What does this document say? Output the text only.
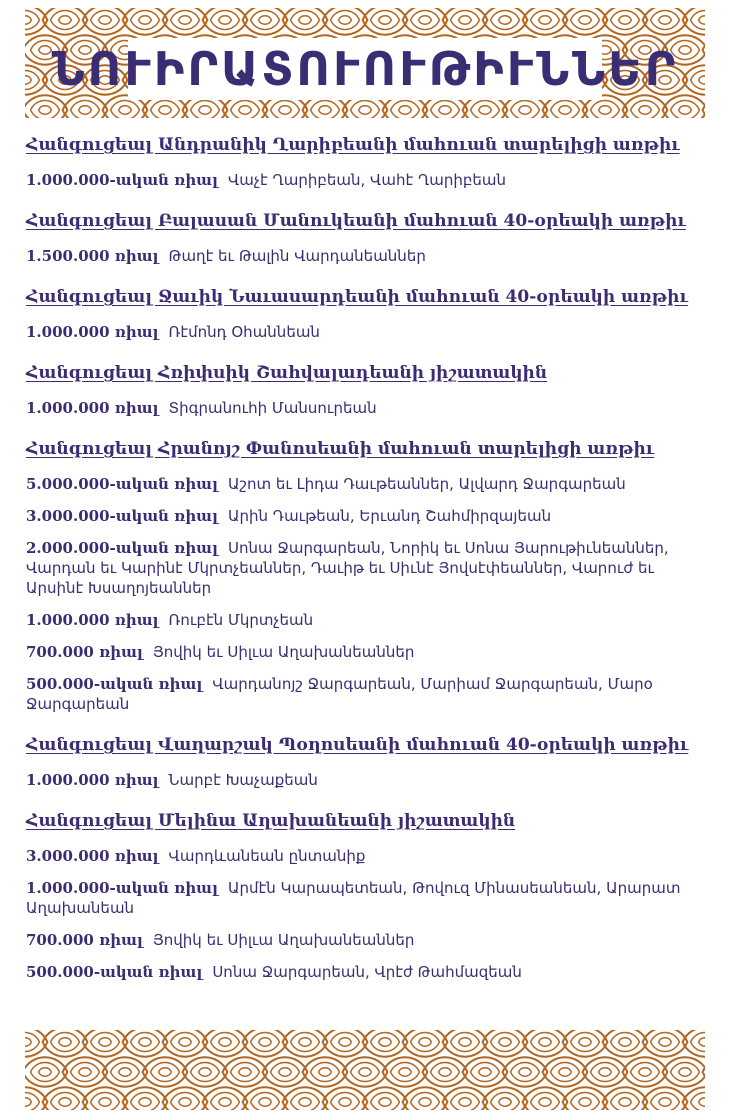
ՆՈՒԻՐԱՏՈՒՈՒԹԻՒՆՆԵՐ
Հանգուցեալ Անդրանիկ Ղարիբեանի մահուան տարելիցի առթիւ
1.000.000-ական ռիալ Վաչէ Ղարիբեան, Վահէ Ղարիբեան
Հանգուցեալ Բալասան Մանուկեանի մահուան 40-օրեակի առթիւ
1.500.000 ռիալ Թաղէ եւ Թալին Վարդանեաններ
Հանգուցեալ Ջաւիկ Նաւասարդեանի մահուան 40-օրեակի առթիւ
1.000.000 ռիալ Ռէմոնդ Օհաննեան
Հանգուցեալ Հռիփսիկ Շահվալադեանի յիշատակին
1.000.000 ռիալ Տիգրանուհի Մանսուրեան
Հանգուցեալ Հրանոյշ Փանոսեանի մահուան տարելիցի առթիւ
5.000.000-ական ռիալ Աշոտ եւ Լիդա Դաւթեաններ, Ալվարդ Ջարգարեան
3.000.000-ական ռիալ Արին Դաւթեան, Երւանդ Շահմիրզայեան
2.000.000-ական ռիալ Սոնա Ջարգարեան, Նորիկ եւ Սոնա Յարութիւնեաններ, Վարդան եւ Կարինէ Մկրտչեաններ, Դաւիթ եւ Սիւնէ Յովսէփեաններ, Վարուժ եւ Արսինէ Խսաղոյեաններ
1.000.000 ռիալ Ռուբէն Մկրտչեան
700.000 ռիալ Յովիկ եւ Սիլւա Աղախանեաններ
500.000-ական ռիալ Վարդանոյշ Ջարգարեան, Մարիամ Ջարգարեան, Մարօ Ջարգարեան
Հանգուցեալ Վաղարշակ Պօղոսեանի մահուան 40-օրեակի առթիւ
1.000.000 ռիալ Նարբէ Խաչաքեան
Հանգուցեալ Մելինա Աղախանեանի յիշատակին
3.000.000 ռիալ Վարդևանեան ընտանիք
1.000.000-ական ռիալ Արմէն Կարապետեան, Թովուզ Մինասեանեան, Արարատ Աղախանեան
700.000 ռիալ Յովիկ եւ Սիլւա Աղախանեաններ
500.000-ական ռիալ Սոնա Ջարգարեան, Վրէժ Թահմազեան
